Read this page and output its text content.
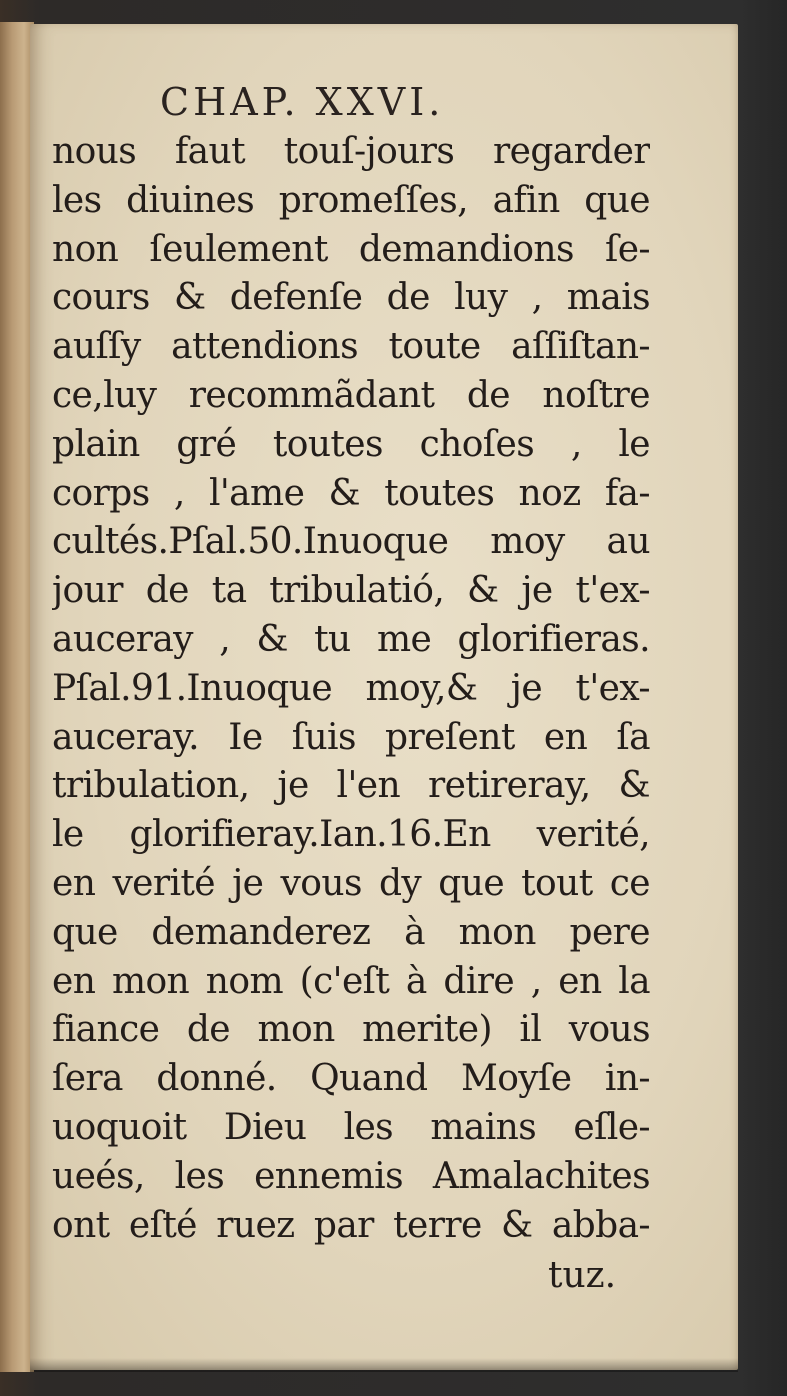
CHAP. XXVI.
nous faut touſ-jours regarder
les diuines promeſſes, afin que
non ſeulement demandions ſe-
cours & defenſe de luy , mais
auſſy attendions toute aſſiſtan-
ce,luy recommãdant de noſtre
plain gré toutes choſes , le
corps , l'ame & toutes noz fa-
cultés.Pſal.50.Inuoque moy au
jour de ta tribulatió, & je t'ex-
auceray , & tu me glorifieras.
Pſal.91.Inuoque moy,& je t'ex-
auceray. Ie ſuis preſent en ſa
tribulation, je l'en retireray, &
le glorifieray.Ian.16.En verité,
en verité je vous dy que tout ce
que demanderez à mon pere
en mon nom (c'eſt à dire , en la
fiance de mon merite) il vous
ſera donné. Quand Moyſe in-
uoquoit Dieu les mains eſle-
ueés, les ennemis Amalachites
ont eſté ruez par terre & abba-
tuz.
